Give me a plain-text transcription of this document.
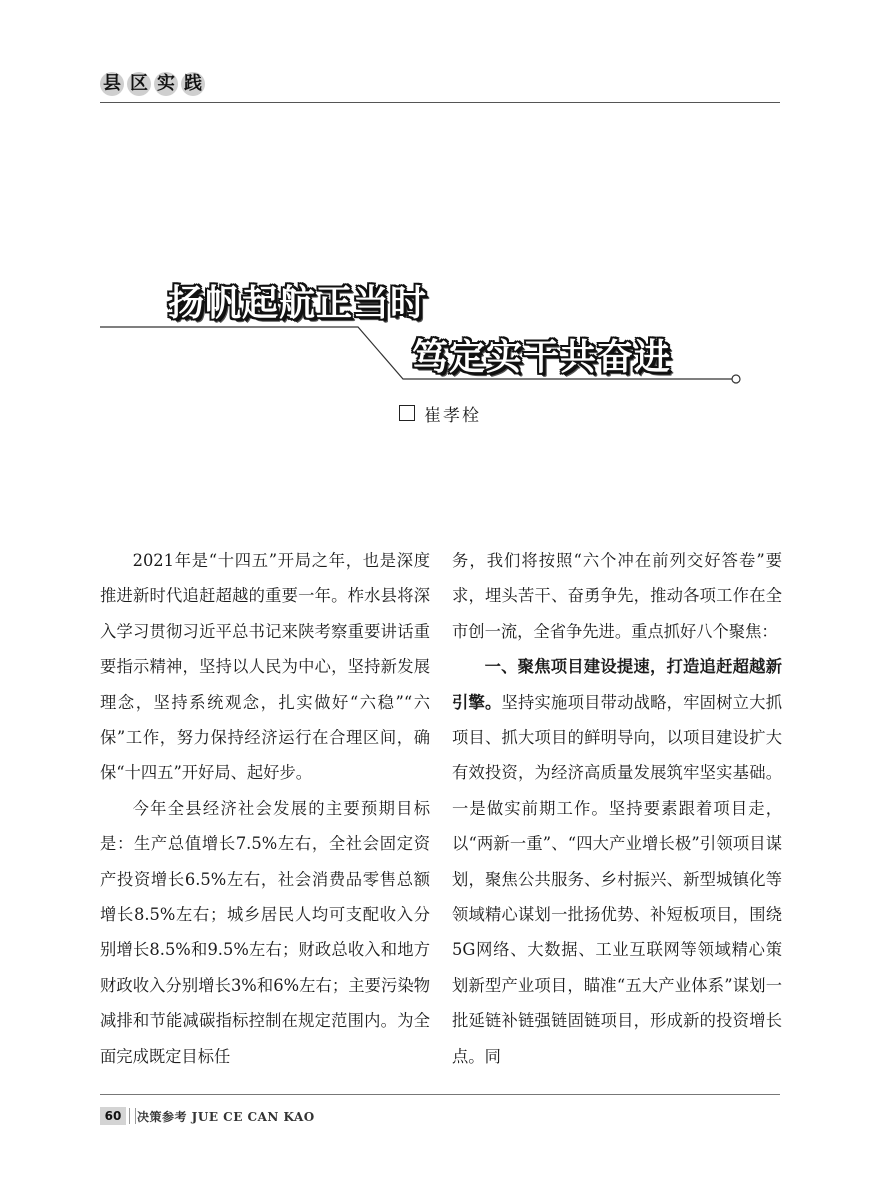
县 区 实 践
扬帆起航正当时
笃定实干共奋进
崔孝栓

2021年是“十四五”开局之年，也是深度推进新时代追赶超越的重要一年。柞水县将深入学习贯彻习近平总书记来陕考察重要讲话重要指示精神，坚持以人民为中心，坚持新发展理念，坚持系统观念，扎实做好“六稳”“六保”工作，努力保持经济运行在合理区间，确保“十四五”开好局、起好步。

今年全县经济社会发展的主要预期目标是：生产总值增长7.5%左右，全社会固定资产投资增长6.5%左右，社会消费品零售总额增长8.5%左右；城乡居民人均可支配收入分别增长8.5%和9.5%左右；财政总收入和地方财政收入分别增长3%和6%左右；主要污染物减排和节能减碳指标控制在规定范围内。为全面完成既定目标任

务，我们将按照“六个冲在前列交好答卷”要求，埋头苦干、奋勇争先，推动各项工作在全市创一流，全省争先进。重点抓好八个聚焦：

一、聚焦项目建设提速，打造追赶超越新引擎。坚持实施项目带动战略，牢固树立大抓项目、抓大项目的鲜明导向，以项目建设扩大有效投资，为经济高质量发展筑牢坚实基础。一是做实前期工作。坚持要素跟着项目走，以“两新一重”、“四大产业增长极”引领项目谋划，聚焦公共服务、乡村振兴、新型城镇化等领域精心谋划一批扬优势、补短板项目，围绕5G网络、大数据、工业互联网等领域精心策划新型产业项目，瞄准“五大产业体系”谋划一批延链补链强链固链项目，形成新的投资增长点。同

60	决策参考 JUE CE CAN KAO
